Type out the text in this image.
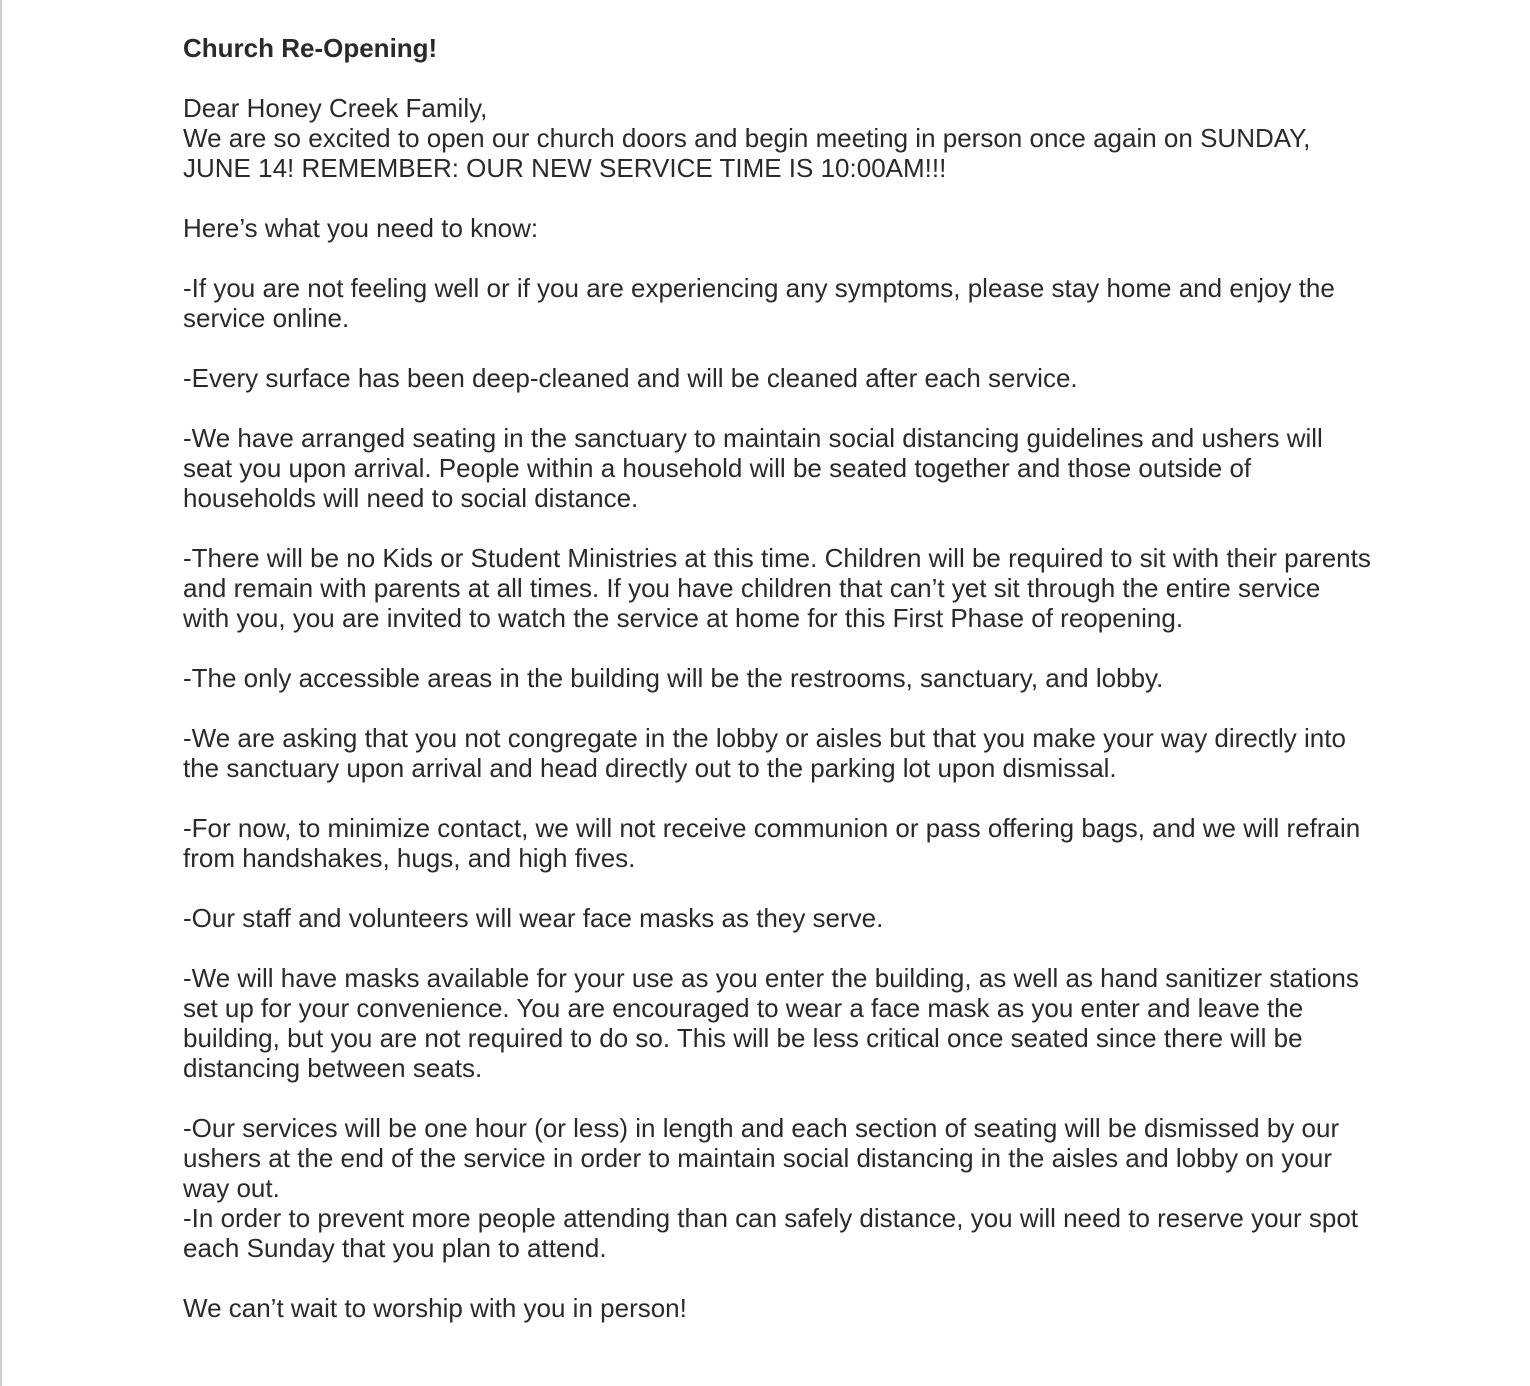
Church Re-Opening!

Dear Honey Creek Family,

We are so excited to open our church doors and begin meeting in person once again on SUNDAY, JUNE 14! REMEMBER: OUR NEW SERVICE TIME IS 10:00AM!!!

Here’s what you need to know:

-If you are not feeling well or if you are experiencing any symptoms, please stay home and enjoy the service online.

-Every surface has been deep-cleaned and will be cleaned after each service.

-We have arranged seating in the sanctuary to maintain social distancing guidelines and ushers will seat you upon arrival. People within a household will be seated together and those outside of households will need to social distance.

-There will be no Kids or Student Ministries at this time. Children will be required to sit with their parents and remain with parents at all times. If you have children that can’t yet sit through the entire service with you, you are invited to watch the service at home for this First Phase of reopening.

-The only accessible areas in the building will be the restrooms, sanctuary, and lobby.

-We are asking that you not congregate in the lobby or aisles but that you make your way directly into the sanctuary upon arrival and head directly out to the parking lot upon dismissal.

-For now, to minimize contact, we will not receive communion or pass offering bags, and we will refrain from handshakes, hugs, and high fives.

-Our staff and volunteers will wear face masks as they serve.

-We will have masks available for your use as you enter the building, as well as hand sanitizer stations set up for your convenience. You are encouraged to wear a face mask as you enter and leave the building, but you are not required to do so. This will be less critical once seated since there will be distancing between seats.

-Our services will be one hour (or less) in length and each section of seating will be dismissed by our ushers at the end of the service in order to maintain social distancing in the aisles and lobby on your way out.

-In order to prevent more people attending than can safely distance, you will need to reserve your spot each Sunday that you plan to attend.

We can’t wait to worship with you in person!
